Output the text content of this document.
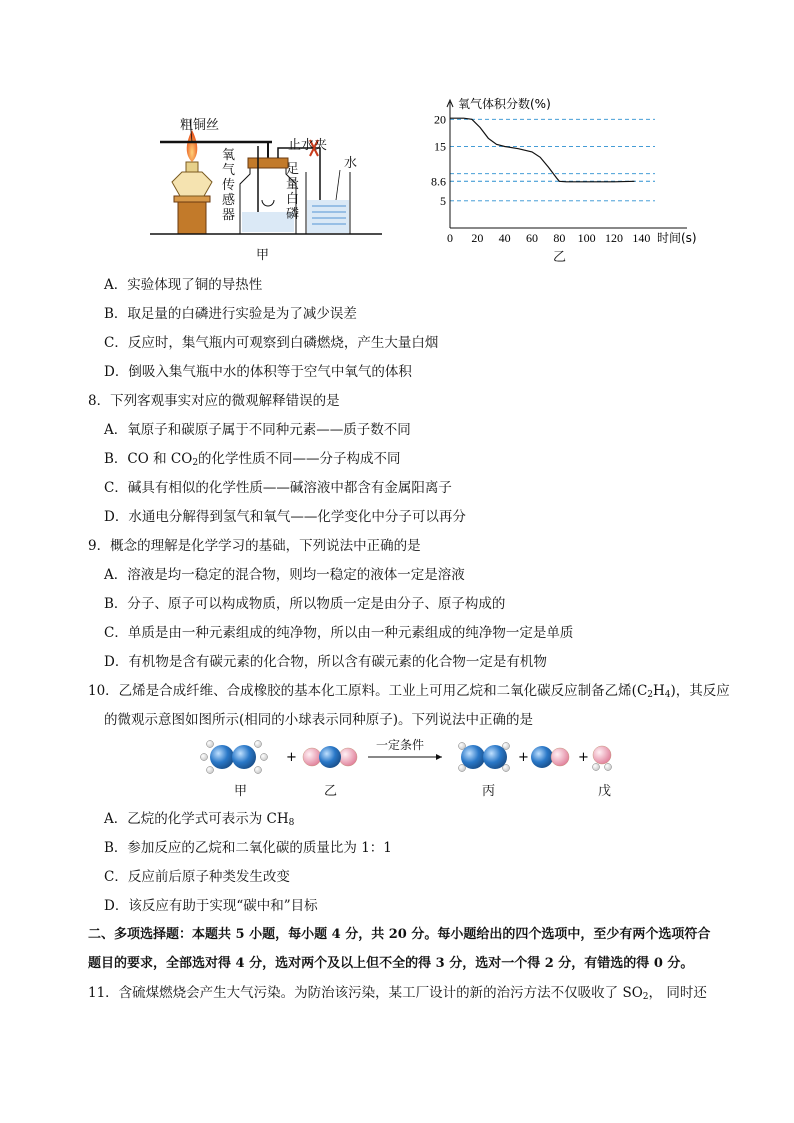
粗铜丝
止水夹
水
氧
气
传
感
器
足
量
白
磷
甲
20
15
8.6
5
0 20 40 60 80 100 120 140
氧气体积分数(%)
时间(s)
乙
A．实验体现了铜的导热性
B．取足量的白磷进行实验是为了减少误差
C．反应时，集气瓶内可观察到白磷燃烧，产生大量白烟
D．倒吸入集气瓶中水的体积等于空气中氧气的体积
8．下列客观事实对应的微观解释错误的是
A．氧原子和碳原子属于不同种元素——质子数不同
B．CO 和 $CO_2$的化学性质不同——分子构成不同
C．碱具有相似的化学性质——碱溶液中都含有金属阳离子
D．水通电分解得到氢气和氧气——化学变化中分子可以再分
9．概念的理解是化学学习的基础，下列说法中正确的是
A．溶液是均一稳定的混合物，则均一稳定的液体一定是溶液
B．分子、原子可以构成物质，所以物质一定是由分子、原子构成的
C．单质是由一种元素组成的纯净物，所以由一种元素组成的纯净物一定是单质
D．有机物是含有碳元素的化合物，所以含有碳元素的化合物一定是有机物
10．乙烯是合成纤维、合成橡胶的基本化工原料。工业上可用乙烷和二氧化碳反应制备乙烯$(C_2H_4)$，其反应
的微观示意图如图所示(相同的小球表示同种原子)。下列说法中正确的是
+	+	+
一定条件
甲	乙	丙	戊
A．乙烷的化学式可表示为 $CH_8$
B．参加反应的乙烷和二氧化碳的质量比为 1：1
C．反应前后原子种类发生改变
D．该反应有助于实现“碳中和”目标
二、多项选择题：本题共 5 小题，每小题 4 分，共 20 分。每小题给出的四个选项中，至少有两个选项符合
题目的要求，全部选对得 4 分，选对两个及以上但不全的得 3 分，选对一个得 2 分，有错选的得 0 分。
11．含硫煤燃烧会产生大气污染。为防治该污染，某工厂设计的新的治污方法不仅吸收了 $SO_2$， 同时还
